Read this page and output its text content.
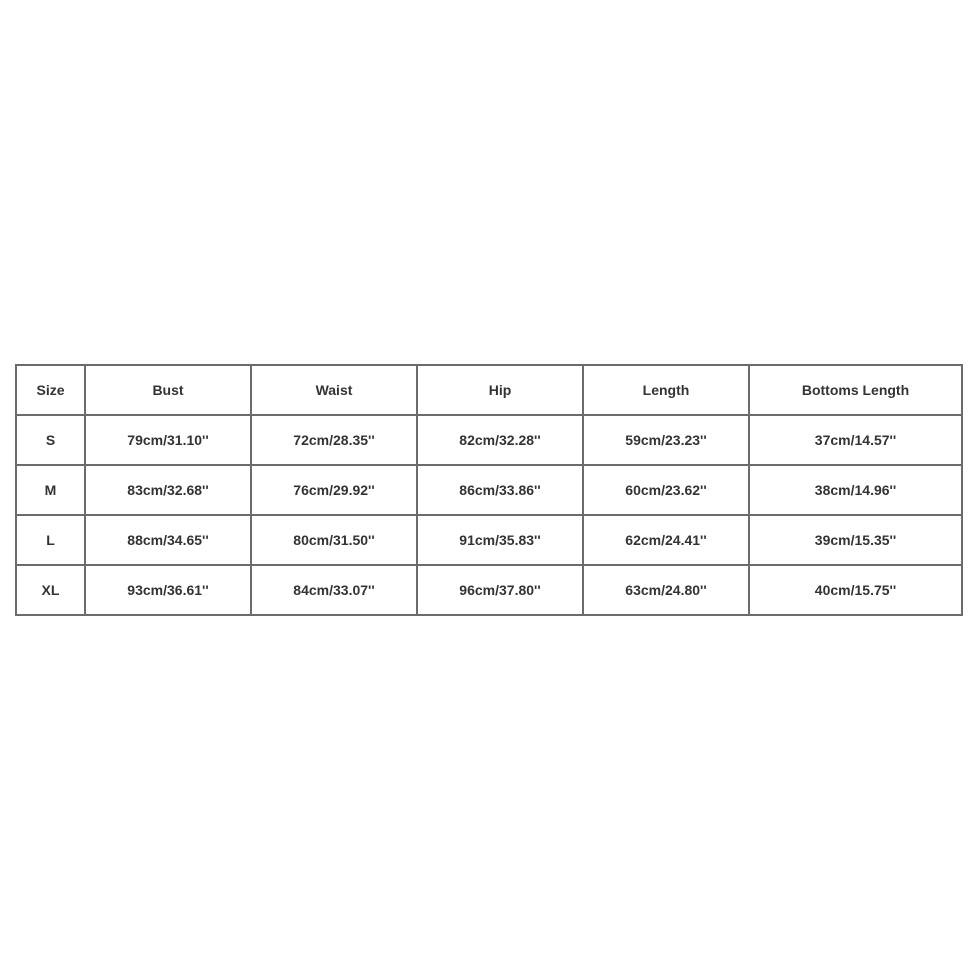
Size	Bust	Waist	Hip	Length	Bottoms Length
S	79cm/31.10''	72cm/28.35''	82cm/32.28''	59cm/23.23''	37cm/14.57''
M	83cm/32.68''	76cm/29.92''	86cm/33.86''	60cm/23.62''	38cm/14.96''
L	88cm/34.65''	80cm/31.50''	91cm/35.83''	62cm/24.41''	39cm/15.35''
XL	93cm/36.61''	84cm/33.07''	96cm/37.80''	63cm/24.80''	40cm/15.75''
